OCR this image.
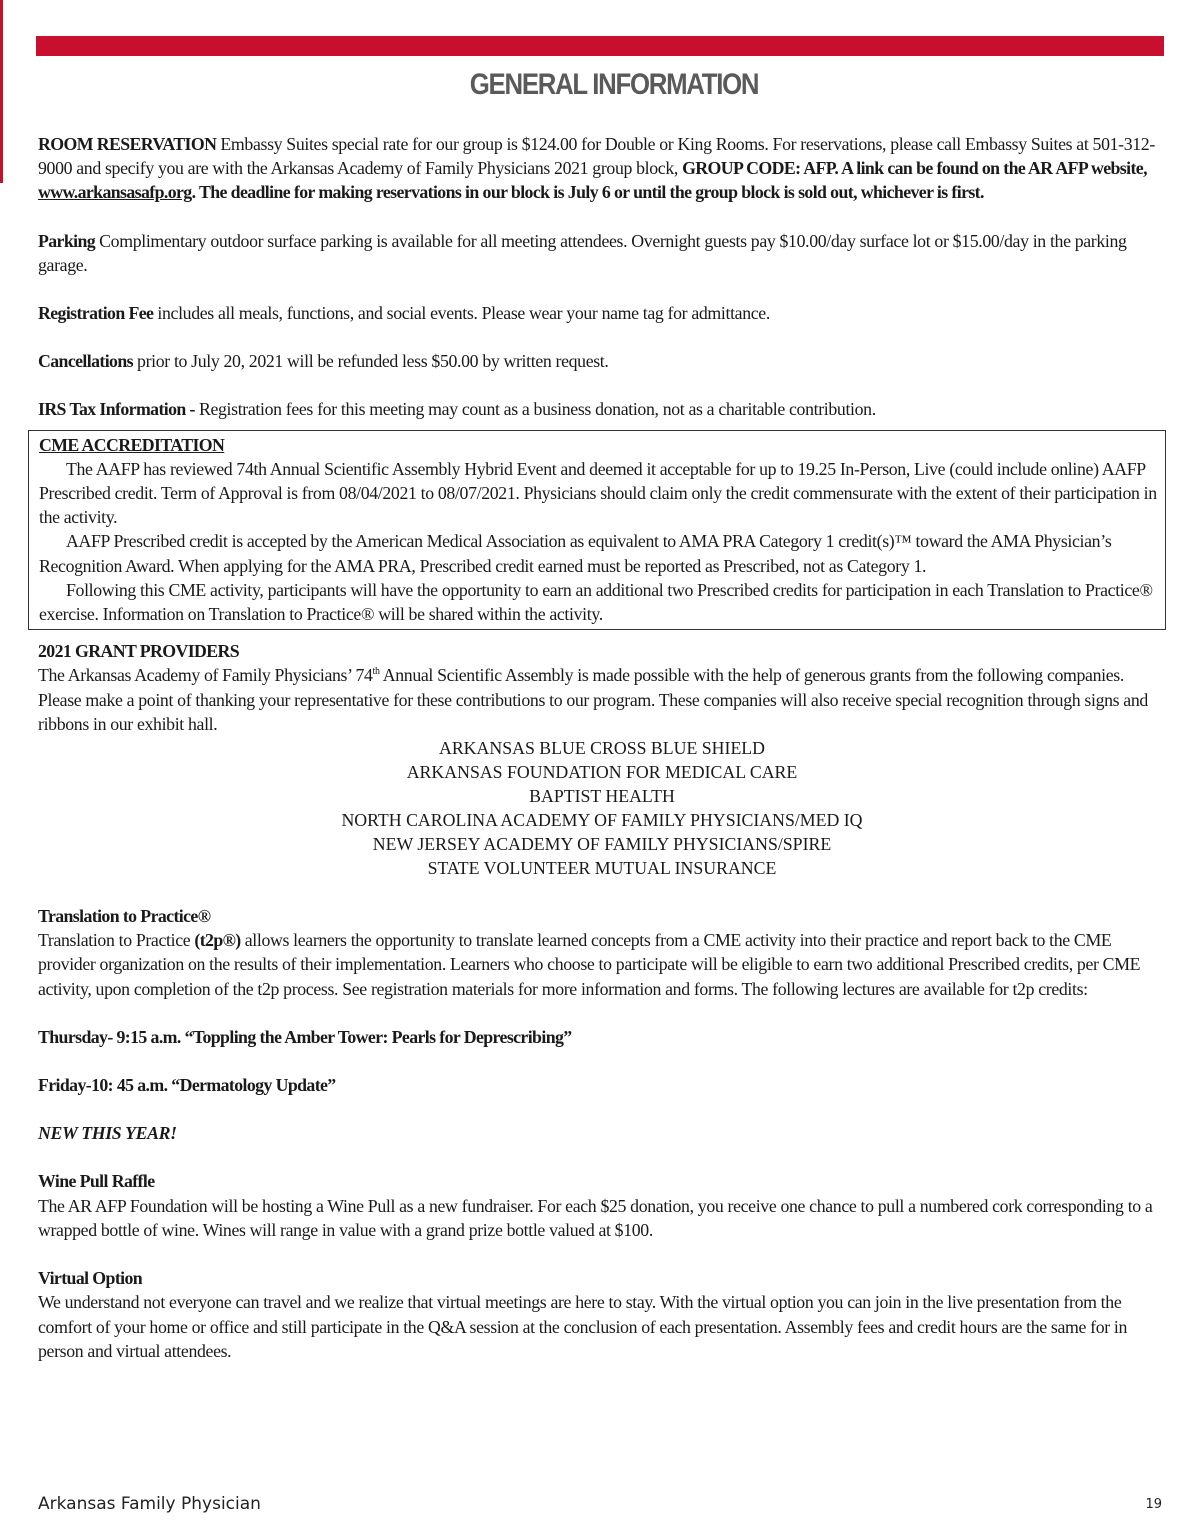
GENERAL INFORMATION

ROOM RESERVATION Embassy Suites special rate for our group is $124.00 for Double or King Rooms. For reservations, please call Embassy Suites at 501-312-9000 and specify you are with the Arkansas Academy of Family Physicians 2021 group block, GROUP CODE: AFP. A link can be found on the AR AFP website, www.arkansasafp.org. The deadline for making reservations in our block is July 6 or until the group block is sold out, whichever is first.

Parking Complimentary outdoor surface parking is available for all meeting attendees. Overnight guests pay $10.00/day surface lot or $15.00/day in the parking garage.

Registration Fee includes all meals, functions, and social events. Please wear your name tag for admittance.

Cancellations prior to July 20, 2021 will be refunded less $50.00 by written request.

IRS Tax Information - Registration fees for this meeting may count as a business donation, not as a charitable contribution.

CME ACCREDITATION

The AAFP has reviewed 74th Annual Scientific Assembly Hybrid Event and deemed it acceptable for up to 19.25 In-Person, Live (could include online) AAFP Prescribed credit. Term of Approval is from 08/04/2021 to 08/07/2021. Physicians should claim only the credit commensurate with the extent of their participation in the activity.

AAFP Prescribed credit is accepted by the American Medical Association as equivalent to AMA PRA Category 1 credit(s)™ toward the AMA Physician’s Recognition Award. When applying for the AMA PRA, Prescribed credit earned must be reported as Prescribed, not as Category 1.

Following this CME activity, participants will have the opportunity to earn an additional two Prescribed credits for participation in each Translation to Practice® exercise. Information on Translation to Practice® will be shared within the activity.

2021 GRANT PROVIDERS

The Arkansas Academy of Family Physicians’ 74th Annual Scientific Assembly is made possible with the help of generous grants from the following companies. Please make a point of thanking your representative for these contributions to our program. These companies will also receive special recognition through signs and ribbons in our exhibit hall.

ARKANSAS BLUE CROSS BLUE SHIELD
ARKANSAS FOUNDATION FOR MEDICAL CARE
BAPTIST HEALTH
NORTH CAROLINA ACADEMY OF FAMILY PHYSICIANS/MED IQ
NEW JERSEY ACADEMY OF FAMILY PHYSICIANS/SPIRE
STATE VOLUNTEER MUTUAL INSURANCE

Translation to Practice®

Translation to Practice (t2p®) allows learners the opportunity to translate learned concepts from a CME activity into their practice and report back to the CME provider organization on the results of their implementation. Learners who choose to participate will be eligible to earn two additional Prescribed credits, per CME activity, upon completion of the t2p process. See registration materials for more information and forms. The following lectures are available for t2p credits:

Thursday- 9:15 a.m. “Toppling the Amber Tower: Pearls for Deprescribing”

Friday-10: 45 a.m. “Dermatology Update”

NEW THIS YEAR!

Wine Pull Raffle

The AR AFP Foundation will be hosting a Wine Pull as a new fundraiser. For each $25 donation, you receive one chance to pull a numbered cork corresponding to a wrapped bottle of wine. Wines will range in value with a grand prize bottle valued at $100.

Virtual Option

We understand not everyone can travel and we realize that virtual meetings are here to stay. With the virtual option you can join in the live presentation from the comfort of your home or office and still participate in the Q&A session at the conclusion of each presentation. Assembly fees and credit hours are the same for in person and virtual attendees.

Arkansas Family Physician	19
